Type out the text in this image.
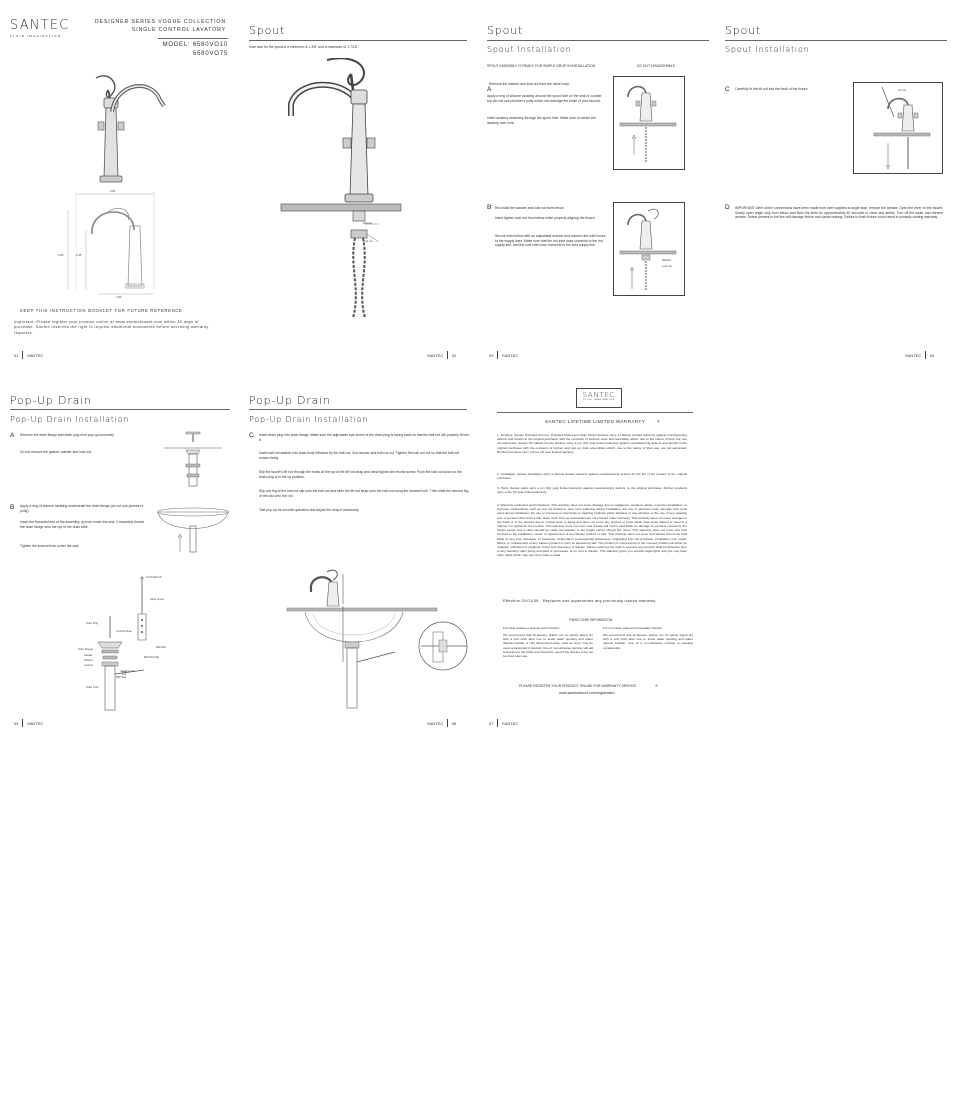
SANTEC
FLUID IMAGINATION
DESIGNER SERIES VOGUE COLLECTION
SINGLE CONTROL LAVATORY
MODEL: 6580VO10
6580VO75
6.00"
5.28"	6.48"
3.00"
KEEP THIS INSTRUCTION BOOKLET FOR FUTURE REFERENCE
Important: Please register your product online at www.santecfaucet.com within 30 days of purchase. Santec reserves the right to request additional documents before servicing warranty requests.
01 SANTEC
Spout
Hole size for the spout is a minimum of 1-3/8" and a maximum of 1-7/16".
Washer
Lock nut
SANTEC 02
Spout
Spout Installation
SPOUT ASSEMBLY IS READY FOR SIMPLE DROP IN INSTALLATION.	DO NOT DISASSEMBLE.
Remove the washer and lock nut from the valve body.
A
Apply a ring of silicone caulking around the spout hole on the sink or counter top (do not use plumber's putty which can damage the finish of your faucet).
Insert lavatory assembly through the spout hole. Make sure to center the lavatory over hole.
B Re-install the washer and lock nut from below.
Hand tighten lock nut from below while properly aligning the fixture.
Secure from below with an adjustable wrench and connect the inlet hoses to the supply lines. Make sure that the hot inlet hose connects to the hot supply line, and the cold inlet hose connects to the cold supply line.
Washer
Lock nut
03 SANTEC
Spout
Spout Installation
C Carefully fit the lift rod into the back of the fixture.	Lift rod
D IMPORTANT: After all the connections have been made from inlet supplies to angle stop, remove the aerator. Open the lever on the faucet. Slowly open angle stop from below and flush the lines for approximately 45 seconds to clean any debris. Turn off the water and reinsert aerator. Debris present in the line will damage fixture and cause leaking. Failure to flush fixture could result in possibly voiding warranty.
SANTEC 04
Pop-Up Drain
Pop-Up Drain Installation
A Remove the drain flange and drain plug from pop-up assembly.
Do not remove the gasket, washer and lock nut.
B Apply a ring of silicone caulking underneath the drain flange (do not use plumber's putty).
Insert the threaded end of the assembly up from under the sink. Completely thread the drain flange onto the top of the drain tube.
Tighten the locknut from under the sink.
Lift Rod/Knob
Strap Screw
Drain Plug
Lift Rod Strap
Drain Flange
Gasket
Washer
Locknut
Ball Rod
Ball Rod Clip
Clip Rod Nut
Ball Seal
Drain Tube
05 SANTEC
Pop-Up Drain
Pop-Up Drain Installation
C Insert drain plug into drain flange. Make sure the adjustable eye-screw of the drain plug is facing back so that the ball rod will properly fit into it.
Insert ball rod washer into drain body followed by the ball rod, 2nd washer and ball rod nut. Tighten the ball rod nut so that the ball rod moves freely.
Slip the faucet's lift rod through the holes at the top of the lift rod strap and hand tighten the thumb screw. Push the ball rod down so the drain plug is in the up position.
Slip one leg of the ball rod clip onto the ball rod and slide the lift rod strap onto the ball rod using the nearest hole. Then slide the second leg of the clip onto the rod.
Test pop-up for smooth operation and adjust the strap if necessary.
SANTEC 06
SANTEC
FLUID IMAGINATION
SANTEC LIFETIME LIMITED WARRANTY	Y
1. Finishes: Santec Polished Chrome, Polished Nickel and Satin Nickel finishes carry a Lifetime Limited warranty against manufacturing defects and tarnish to the original purchaser with the exclusion of finishes' wear and tear/ability which, due to the nature of their use, are not warranted. Santec Oil rubbed bronze finishes carry a ten (10) year limited warranty against manufacturing defects and tarnish to the original purchaser with the exclusion of kitchen and pop up drain assemblies which, due to the nature of their use, are not warranted. Brushed products carry a three (3) year limited warranty.
2. Cartridges: Santec Cartridges carry a lifetime limited warranty against manufacturing defects for the life of the product to the original purchaser.
3. Parts: Santec parts carry a ten (10) year limited warranty against manufacturing defects, to the original purchaser. Kitchen products carry a five (5) year limited warranty.
4. Warranty exclusions and limitations: This warranty does not cover damage due to negligence, accident, abuse, improper installation, or improper maintenance such as, but not limited to: lime from soldering during installation, the use of plumbers putty, damage from tools used during installation, the use or exposure to chemicals or cleaning products either abrasive or non abrasive or the use of any cleaning tool, or product other than a soft, clean cloth. Pop-up assemblies are not covered under warranty. This warranty does not cover changes in the finish or in the product due to normal wear or aging and does not cover any product or parts which have been altered or used in a manner not typical for the product. This warranty does not cover and Santec will not be held liable for damage to products caused by the freight carrier and a claim should be made immediately to the freight carrier should this occur. This warranty does not cover any cost involved in the installation, repair, or replacement of any Santec product or part. This warranty does not cover and Santec will not be held liable for any loss, damages, or expenses, incidental or consequential whatsoever, originating from the purchase, installation, use, repair, failure, or replacement of any Santec product or part, as allowed by law. The product or components of the covered product will either be repaired, refinished or replaced, at the sole discretion of Santec. Santec reserves the right to examine any product claimed defective prior to any warranty claim being accepted or processed, at no cost to Santec. This warranty gives you specific legal rights and you may have other rights which may vary from state to state.
Effective 01/01/09 - Replaces and supersedes any previously issued warranty.
FINISH CARE INFORMATION
For clear coated or enamel color finishes:
We recommend that all faucets, drains, etc. be gently wiped dry with a soft cloth after use to avoid water spotting and water deposit buildup. A mild liquid hand soap, such as Ivory, may be used occasionally if desired. Use of non-abrasive car/wax will aid protection to the finish and should be used if the faucets to be not be dried after use.
For non-clear coated and specialty finishes:
We recommend that all faucets, drains, etc. be gently wiped dry with a soft cloth after use to avoid water spotting and water deposit buildup. Use of a non-abrasive car/wax is required occasionally.
PLEASE REGISTER YOUR PRODUCT ONLINE FOR WARRANTY SERVICE	S
www.santecfaucet.com/registration
07 SANTEC
